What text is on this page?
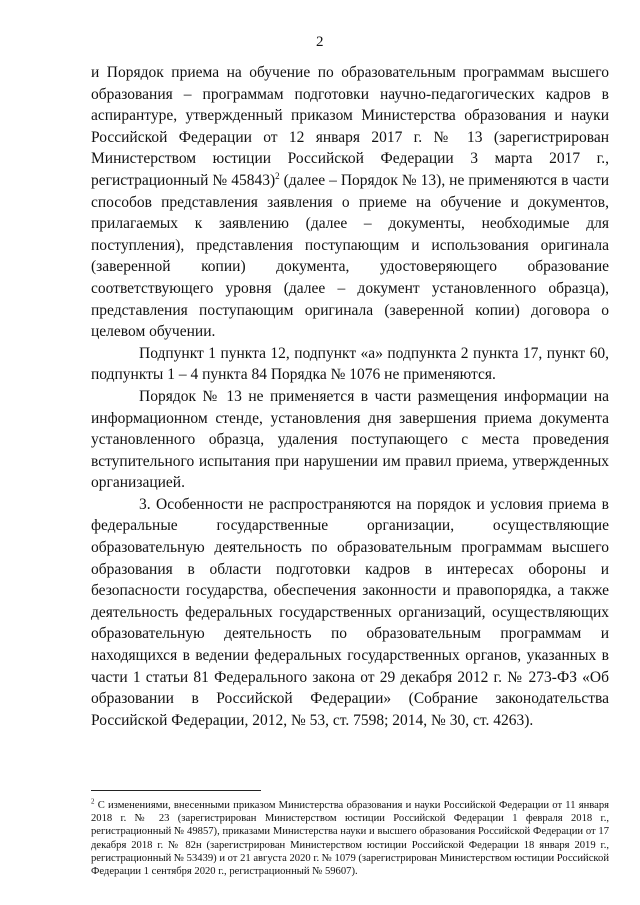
2

и Порядок приема на обучение по образовательным программам высшего образования – программам подготовки научно-педагогических кадров в аспирантуре, утвержденный приказом Министерства образования и науки Российской Федерации от 12 января 2017 г. № 13 (зарегистрирован Министерством юстиции Российской Федерации 3 марта 2017 г., регистрационный № 45843)$^2$ (далее – Порядок № 13), не применяются в части способов представления заявления о приеме на обучение и документов, прилагаемых к заявлению (далее – документы, необходимые для поступления), представления поступающим и использования оригинала (заверенной копии) документа, удостоверяющего образование соответствующего уровня (далее – документ установленного образца), представления поступающим оригинала (заверенной копии) договора о целевом обучении.

Подпункт 1 пункта 12, подпункт «а» подпункта 2 пункта 17, пункт 60, подпункты 1 – 4 пункта 84 Порядка № 1076 не применяются.

Порядок № 13 не применяется в части размещения информации на информационном стенде, установления дня завершения приема документа установленного образца, удаления поступающего с места проведения вступительного испытания при нарушении им правил приема, утвержденных организацией.

3. Особенности не распространяются на порядок и условия приема в федеральные государственные организации, осуществляющие образовательную деятельность по образовательным программам высшего образования в области подготовки кадров в интересах обороны и безопасности государства, обеспечения законности и правопорядка, а также деятельность федеральных государственных организаций, осуществляющих образовательную деятельность по образовательным программам и находящихся в ведении федеральных государственных органов, указанных в части 1 статьи 81 Федерального закона от 29 декабря 2012 г. № 273-ФЗ «Об образовании в Российской Федерации» (Собрание законодательства Российской Федерации, 2012, № 53, ст. 7598; 2014, № 30, ст. 4263).

$^2$ С изменениями, внесенными приказом Министерства образования и науки Российской Федерации от 11 января 2018 г. № 23 (зарегистрирован Министерством юстиции Российской Федерации 1 февраля 2018 г., регистрационный № 49857), приказами Министерства науки и высшего образования Российской Федерации от 17 декабря 2018 г. № 82н (зарегистрирован Министерством юстиции Российской Федерации 18 января 2019 г., регистрационный № 53439) и от 21 августа 2020 г. № 1079 (зарегистрирован Министерством юстиции Российской Федерации 1 сентября 2020 г., регистрационный № 59607).
